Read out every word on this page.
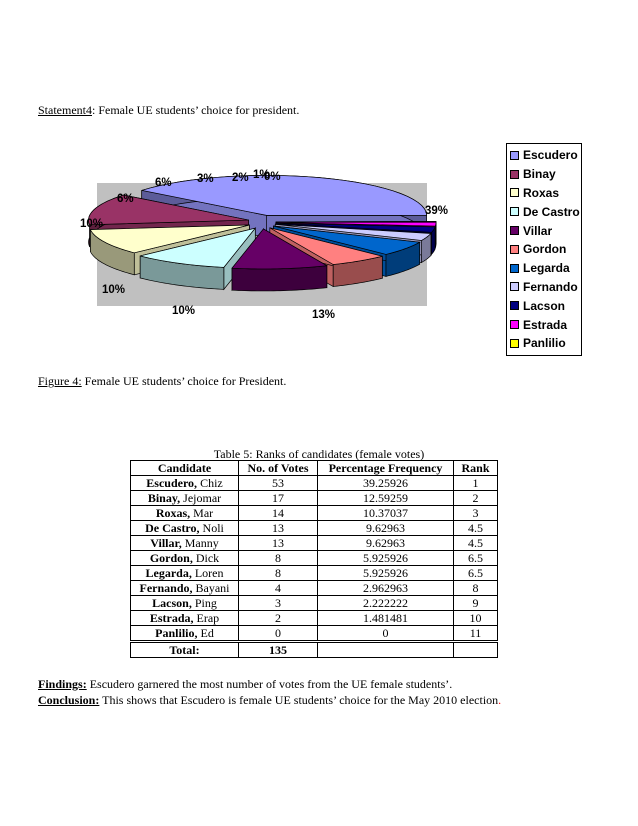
Statement4: Female UE students’ choice for president.
39%
13%
10%
10%
10%
6%
6% 3% 2% 1%
0%
Escudero
Binay
Roxas
De Castro
Villar
Gordon
Legarda
Fernando
Lacson
Estrada
Panlilio
Figure 4: Female UE students’ choice for President.
Table 5: Ranks of candidates (female votes)
Candidate	No. of Votes	Percentage Frequency	Rank
Escudero, Chiz	53	39.25926	1
Binay, Jejomar	17	12.59259	2
Roxas, Mar	14	10.37037	3
De Castro, Noli	13	9.62963	4.5
Villar, Manny	13	9.62963	4.5
Gordon, Dick	8	5.925926	6.5
Legarda, Loren	8	5.925926	6.5
Fernando, Bayani	4	2.962963	8
Lacson, Ping	3	2.222222	9
Estrada, Erap	2	1.481481	10
Panlilio, Ed	0	0	11
Total:	135		
Findings: Escudero garnered the most number of votes from the UE female students’.
Conclusion: This shows that Escudero is female UE students’ choice for the May 2010 election.
